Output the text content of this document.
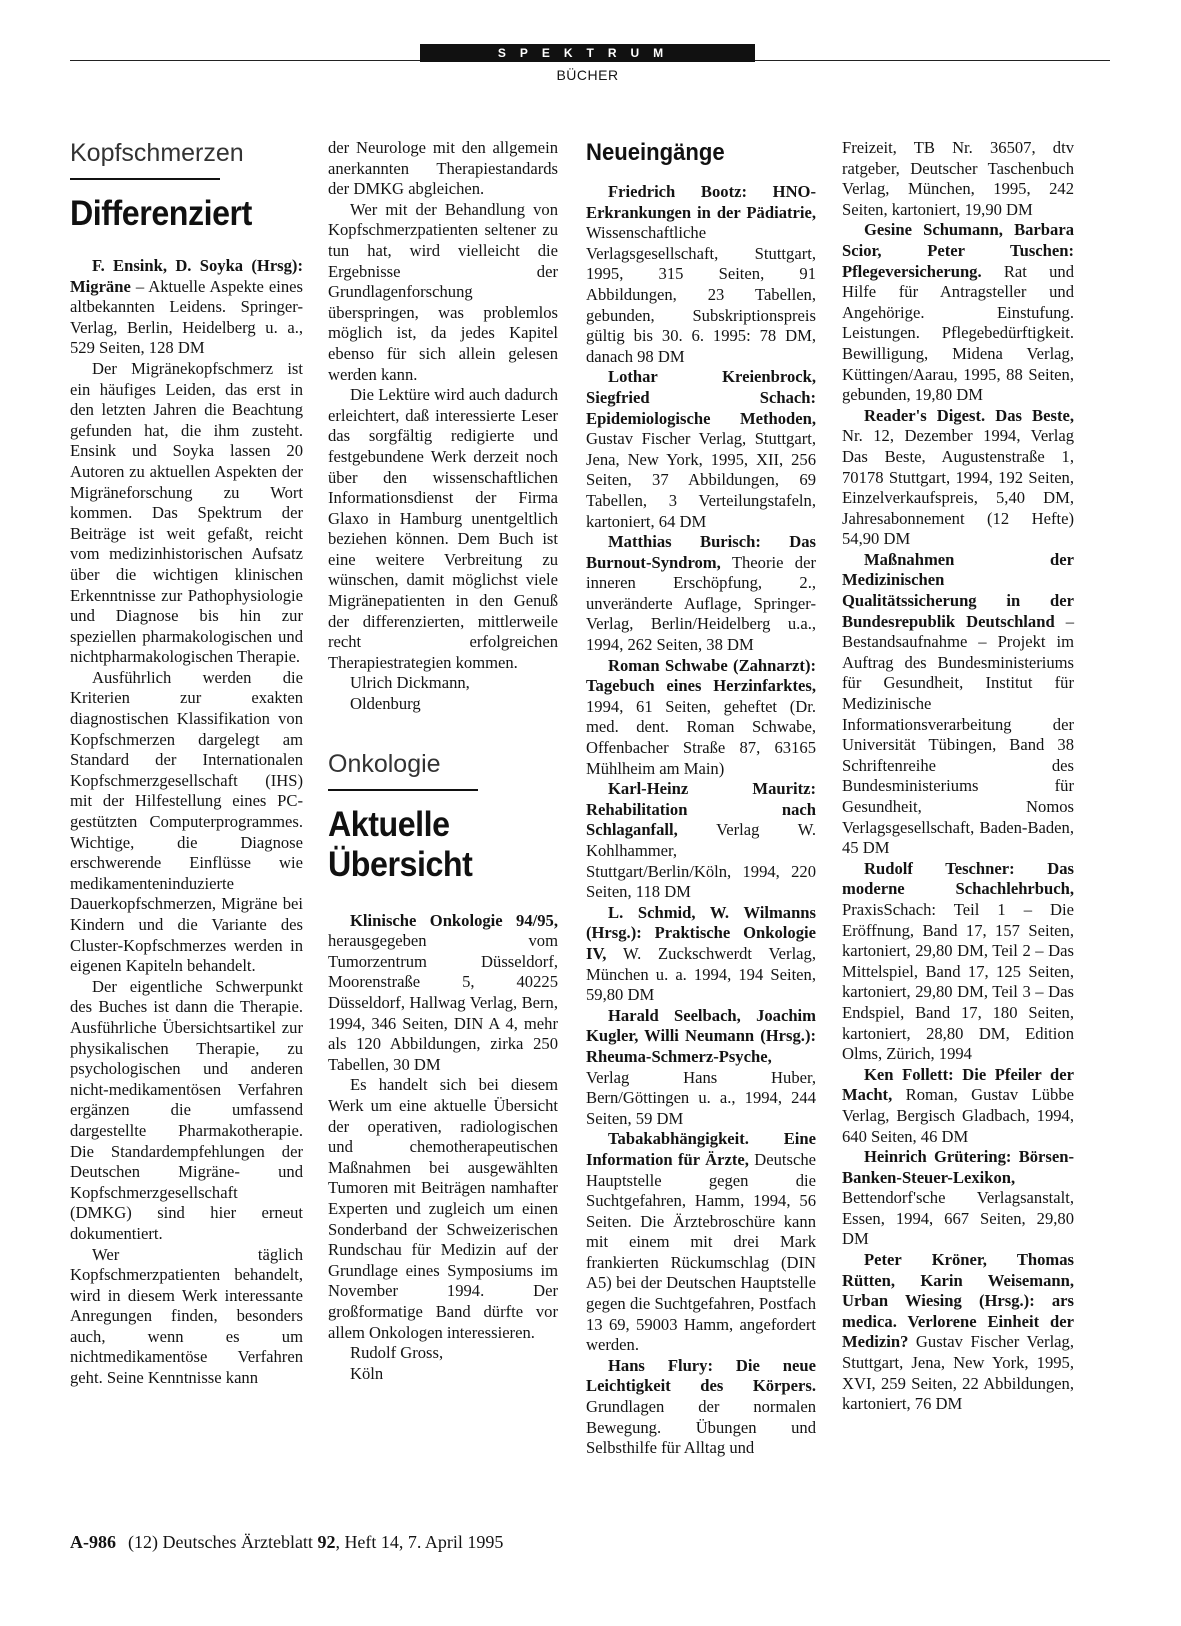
SPEKTRUM
BÜCHER
Kopfschmerzen
Differenziert

F. Ensink, D. Soyka (Hrsg): Migräne – Aktuelle Aspekte eines altbekannten Leidens. Springer-Verlag, Berlin, Heidelberg u. a., 529 Seiten, 128 DM

Der Migränekopfschmerz ist ein häufiges Leiden, das erst in den letzten Jahren die Beachtung gefunden hat, die ihm zusteht. Ensink und Soyka lassen 20 Autoren zu aktuellen Aspekten der Migräneforschung zu Wort kommen. Das Spektrum der Beiträge ist weit gefaßt, reicht vom medizinhistorischen Aufsatz über die wichtigen klinischen Erkenntnisse zur Pathophysiologie und Diagnose bis hin zur speziellen pharmakologischen und nichtpharmakologischen Therapie.

Ausführlich werden die Kriterien zur exakten diagnostischen Klassifikation von Kopfschmerzen dargelegt am Standard der Internationalen Kopfschmerzgesellschaft (IHS) mit der Hilfestellung eines PC-gestützten Computerprogrammes. Wichtige, die Diagnose erschwerende Einflüsse wie medikamenteninduzierte Dauerkopfschmerzen, Migräne bei Kindern und die Variante des Cluster-Kopfschmerzes werden in eigenen Kapiteln behandelt.

Der eigentliche Schwerpunkt des Buches ist dann die Therapie. Ausführliche Übersichtsartikel zur physikalischen Therapie, zu psychologischen und anderen nicht-medikamentösen Verfahren ergänzen die umfassend dargestellte Pharmakotherapie. Die Standardempfehlungen der Deutschen Migräne- und Kopfschmerzgesellschaft (DMKG) sind hier erneut dokumentiert.

Wer täglich Kopfschmerzpatienten behandelt, wird in diesem Werk interessante Anregungen finden, besonders auch, wenn es um nichtmedikamentöse Verfahren geht. Seine Kenntnisse kann

der Neurologe mit den allgemein anerkannten Therapiestandards der DMKG abgleichen.

Wer mit der Behandlung von Kopfschmerzpatienten seltener zu tun hat, wird vielleicht die Ergebnisse der Grundlagenforschung überspringen, was problemlos möglich ist, da jedes Kapitel ebenso für sich allein gelesen werden kann.

Die Lektüre wird auch dadurch erleichtert, daß interessierte Leser das sorgfältig redigierte und festgebundene Werk derzeit noch über den wissenschaftlichen Informationsdienst der Firma Glaxo in Hamburg unentgeltlich beziehen können. Dem Buch ist eine weitere Verbreitung zu wünschen, damit möglichst viele Migränepatienten in den Genuß der differenzierten, mittlerweile recht erfolgreichen Therapiestrategien kommen.

Ulrich Dickmann,

Oldenburg

Onkologie
Aktuelle
Übersicht

Klinische Onkologie 94/95, herausgegeben vom Tumorzentrum Düsseldorf, Moorenstraße 5, 40225 Düsseldorf, Hallwag Verlag, Bern, 1994, 346 Seiten, DIN A 4, mehr als 120 Abbildungen, zirka 250 Tabellen, 30 DM

Es handelt sich bei diesem Werk um eine aktuelle Übersicht der operativen, radiologischen und chemotherapeutischen Maßnahmen bei ausgewählten Tumoren mit Beiträgen namhafter Experten und zugleich um einen Sonderband der Schweizerischen Rundschau für Medizin auf der Grundlage eines Symposiums im November 1994. Der großformatige Band dürfte vor allem Onkologen interessieren.

Rudolf Gross,

Köln

Neueingänge

Friedrich Bootz: HNO-Erkrankungen in der Pädiatrie, Wissenschaftliche Verlagsgesellschaft, Stuttgart, 1995, 315 Seiten, 91 Abbildungen, 23 Tabellen, gebunden, Subskriptionspreis gültig bis 30. 6. 1995: 78 DM, danach 98 DM

Lothar Kreienbrock, Siegfried Schach: Epidemiologische Methoden, Gustav Fischer Verlag, Stuttgart, Jena, New York, 1995, XII, 256 Seiten, 37 Abbildungen, 69 Tabellen, 3 Verteilungstafeln, kartoniert, 64 DM

Matthias Burisch: Das Burnout-Syndrom, Theorie der inneren Erschöpfung, 2., unveränderte Auflage, Springer-Verlag, Berlin/Heidelberg u.a., 1994, 262 Seiten, 38 DM

Roman Schwabe (Zahnarzt): Tagebuch eines Herzinfarktes, 1994, 61 Seiten, geheftet (Dr. med. dent. Roman Schwabe, Offenbacher Straße 87, 63165 Mühlheim am Main)

Karl-Heinz Mauritz: Rehabilitation nach Schlaganfall, Verlag W. Kohlhammer, Stuttgart/Berlin/Köln, 1994, 220 Seiten, 118 DM

L. Schmid, W. Wilmanns (Hrsg.): Praktische Onkologie IV, W. Zuckschwerdt Verlag, München u. a. 1994, 194 Seiten, 59,80 DM

Harald Seelbach, Joachim Kugler, Willi Neumann (Hrsg.): Rheuma-Schmerz-Psyche, Verlag Hans Huber, Bern/Göttingen u. a., 1994, 244 Seiten, 59 DM

Tabakabhängigkeit. Eine Information für Ärzte, Deutsche Hauptstelle gegen die Suchtgefahren, Hamm, 1994, 56 Seiten. Die Ärztebroschüre kann mit einem mit drei Mark frankierten Rückumschlag (DIN A5) bei der Deutschen Hauptstelle gegen die Suchtgefahren, Postfach 13 69, 59003 Hamm, angefordert werden.

Hans Flury: Die neue Leichtigkeit des Körpers. Grundlagen der normalen Bewegung. Übungen und Selbsthilfe für Alltag und

Freizeit, TB Nr. 36507, dtv ratgeber, Deutscher Taschenbuch Verlag, München, 1995, 242 Seiten, kartoniert, 19,90 DM

Gesine Schumann, Barbara Scior, Peter Tuschen: Pflegeversicherung. Rat und Hilfe für Antragsteller und Angehörige. Einstufung. Leistungen. Pflegebedürftigkeit. Bewilligung, Midena Verlag, Küttingen/Aarau, 1995, 88 Seiten, gebunden, 19,80 DM

Reader's Digest. Das Beste, Nr. 12, Dezember 1994, Verlag Das Beste, Augustenstraße 1, 70178 Stuttgart, 1994, 192 Seiten, Einzelverkaufspreis, 5,40 DM, Jahresabonnement (12 Hefte) 54,90 DM

Maßnahmen der Medizinischen Qualitätssicherung in der Bundesrepublik Deutschland – Bestandsaufnahme – Projekt im Auftrag des Bundesministeriums für Gesundheit, Institut für Medizinische Informationsverarbeitung der Universität Tübingen, Band 38 Schriftenreihe des Bundesministeriums für Gesundheit, Nomos Verlagsgesellschaft, Baden-Baden, 45 DM

Rudolf Teschner: Das moderne Schachlehrbuch, PraxisSchach: Teil 1 – Die Eröffnung, Band 17, 157 Seiten, kartoniert, 29,80 DM, Teil 2 – Das Mittelspiel, Band 17, 125 Seiten, kartoniert, 29,80 DM, Teil 3 – Das Endspiel, Band 17, 180 Seiten, kartoniert, 28,80 DM, Edition Olms, Zürich, 1994

Ken Follett: Die Pfeiler der Macht, Roman, Gustav Lübbe Verlag, Bergisch Gladbach, 1994, 640 Seiten, 46 DM

Heinrich Grütering: Börsen-Banken-Steuer-Lexikon, Bettendorf'sche Verlagsanstalt, Essen, 1994, 667 Seiten, 29,80 DM

Peter Kröner, Thomas Rütten, Karin Weisemann, Urban Wiesing (Hrsg.): ars medica. Verlorene Einheit der Medizin? Gustav Fischer Verlag, Stuttgart, Jena, New York, 1995, XVI, 259 Seiten, 22 Abbildungen, kartoniert, 76 DM

A-986 (12) Deutsches Ärzteblatt 92, Heft 14, 7. April 1995
